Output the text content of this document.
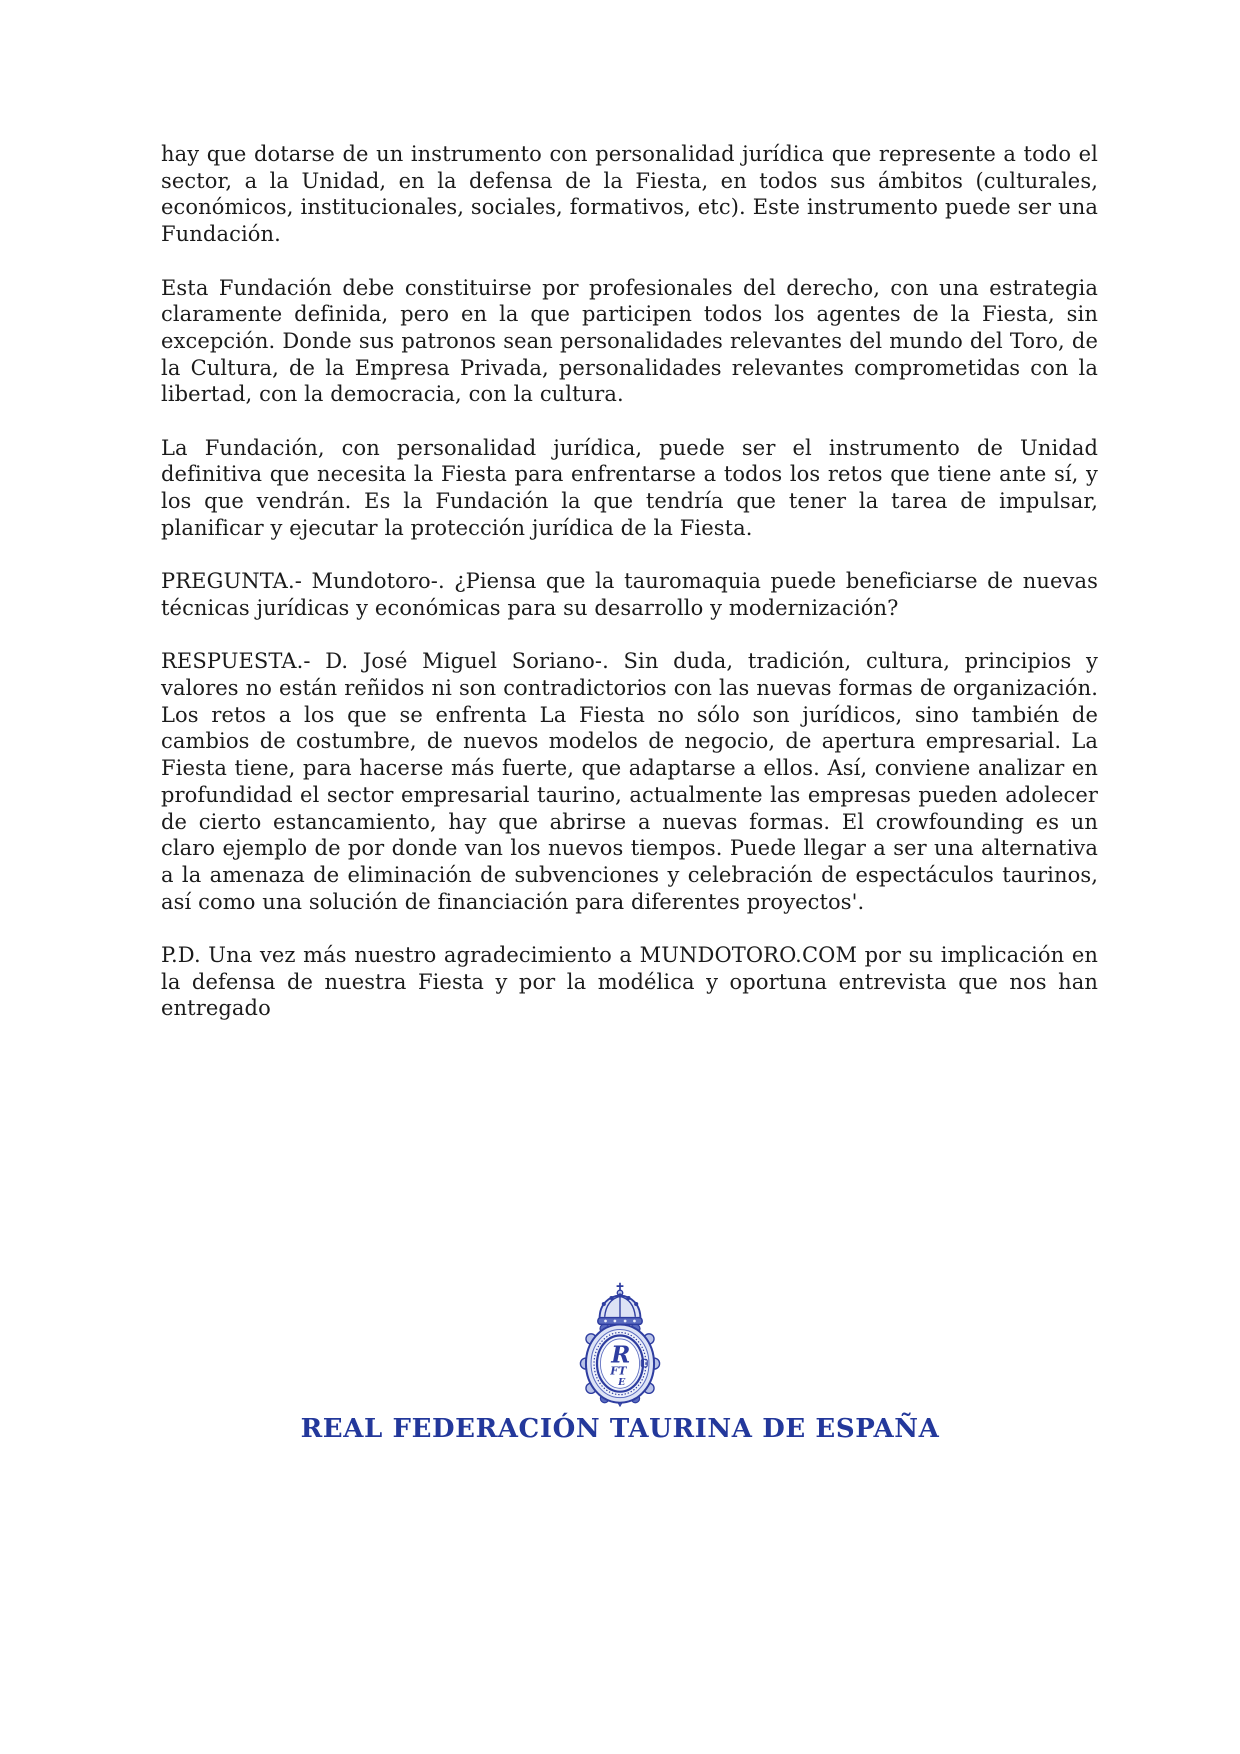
hay que dotarse de un instrumento con personalidad jurídica que represente a todo el sector, a la Unidad, en la defensa de la Fiesta, en todos sus ámbitos (culturales, económicos, institucionales, sociales, formativos, etc). Este instrumento puede ser una Fundación.

Esta Fundación debe constituirse por profesionales del derecho, con una estrategia claramente definida, pero en la que participen todos los agentes de la Fiesta, sin excepción. Donde sus patronos sean personalidades relevantes del mundo del Toro, de la Cultura, de la Empresa Privada, personalidades relevantes comprometidas con la libertad, con la democracia, con la cultura.

La Fundación, con personalidad jurídica, puede ser el instrumento de Unidad definitiva que necesita la Fiesta para enfrentarse a todos los retos que tiene ante sí, y los que vendrán. Es la Fundación la que tendría que tener la tarea de impulsar, planificar y ejecutar la protección jurídica de la Fiesta.

PREGUNTA.- Mundotoro-. ¿Piensa que la tauromaquia puede beneficiarse de nuevas técnicas jurídicas y económicas para su desarrollo y modernización?

RESPUESTA.- D. José Miguel Soriano-. Sin duda, tradición, cultura, principios y valores no están reñidos ni son contradictorios con las nuevas formas de organización. Los retos a los que se enfrenta La Fiesta no sólo son jurídicos, sino también de cambios de costumbre, de nuevos modelos de negocio, de apertura empresarial. La Fiesta tiene, para hacerse más fuerte, que adaptarse a ellos. Así, conviene analizar en profundidad el sector empresarial taurino, actualmente las empresas pueden adolecer de cierto estancamiento, hay que abrirse a nuevas formas. El crowfounding es un claro ejemplo de por donde van los nuevos tiempos. Puede llegar a ser una alternativa a la amenaza de eliminación de subvenciones y celebración de espectáculos taurinos, así como una solución de financiación para diferentes proyectos'.

P.D. Una vez más nuestro agradecimiento a MUNDOTORO.COM por su implicación en la defensa de nuestra Fiesta y por la modélica y oportuna entrevista que nos han entregado

R
FT
E
REAL FEDERACIÓN TAURINA DE ESPAÑA
